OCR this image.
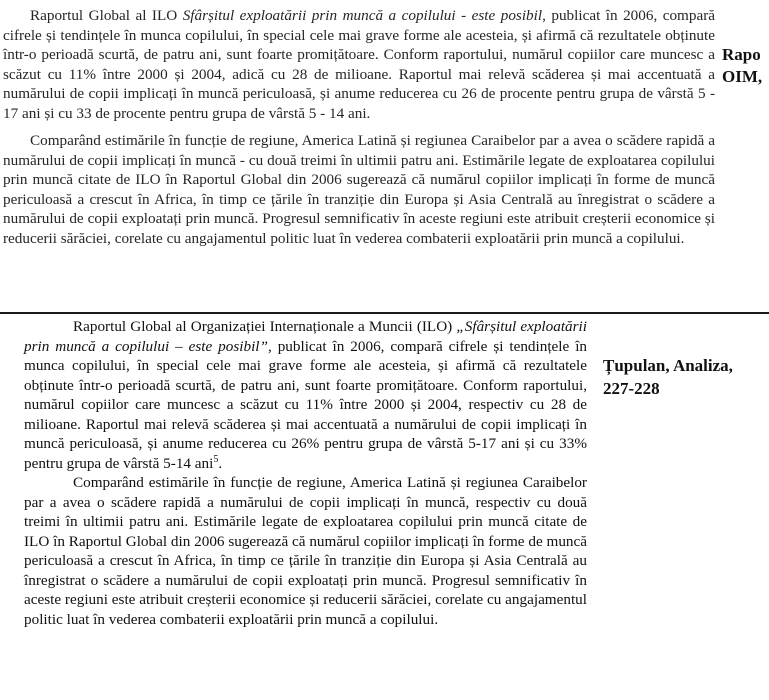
Raportul Global al ILO Sfârșitul exploatării prin muncă a copilului - este posibil, publicat în 2006, compară cifrele și tendințele în munca copilului, în special cele mai grave forme ale acesteia, și afirmă că rezultatele obținute într-o perioadă scurtă, de patru ani, sunt foarte promițătoare. Conform raportului, numărul copiilor care muncesc a scăzut cu 11% între 2000 și 2004, adică cu 28 de milioane. Raportul mai relevă scăderea și mai accentuată a numărului de copii implicați în muncă periculoasă, și anume reducerea cu 26 de procente pentru grupa de vârstă 5 - 17 ani și cu 33 de procente pentru grupa de vârstă 5 - 14 ani.

Comparând estimările în funcție de regiune, America Latină și regiunea Caraibelor par a avea o scădere rapidă a numărului de copii implicați în muncă - cu două treimi în ultimii patru ani. Estimările legate de exploatarea copilului prin muncă citate de ILO în Raportul Global din 2006 sugerează că numărul copiilor implicați în forme de muncă periculoasă a crescut în Africa, în timp ce țările în tranziție din Europa și Asia Centrală au înregistrat o scădere a numărului de copii exploatați prin muncă. Progresul semnificativ în aceste regiuni este atribuit creșterii economice și reducerii sărăciei, corelate cu angajamentul politic luat în vederea combaterii exploatării prin muncă a copilului.

Rapo
OIM,

Raportul Global al Organizației Internaționale a Muncii (ILO) „Sfârșitul exploatării prin muncă a copilului – este posibil”, publicat în 2006, compară cifrele și tendințele în munca copilului, în special cele mai grave forme ale acesteia, și afirmă că rezultatele obținute într-o perioadă scurtă, de patru ani, sunt foarte promițătoare. Conform raportului, numărul copiilor care muncesc a scăzut cu 11% între 2000 și 2004, respectiv cu 28 de milioane. Raportul mai relevă scăderea și mai accentuată a numărului de copii implicați în muncă periculoasă, și anume reducerea cu 26% pentru grupa de vârstă 5-17 ani și cu 33% pentru grupa de vârstă 5-14 ani$^5$.

Comparând estimările în funcție de regiune, America Latină și regiunea Caraibelor par a avea o scădere rapidă a numărului de copii implicați în muncă, respectiv cu două treimi în ultimii patru ani. Estimările legate de exploatarea copilului prin muncă citate de ILO în Raportul Global din 2006 sugerează că numărul copiilor implicați în forme de muncă periculoasă a crescut în Africa, în timp ce țările în tranziție din Europa și Asia Centrală au înregistrat o scădere a numărului de copii exploatați prin muncă. Progresul semnificativ în aceste regiuni este atribuit creșterii economice și reducerii sărăciei, corelate cu angajamentul politic luat în vederea combaterii exploatării prin muncă a copilului.

Țupulan, Analiza,
227-228
